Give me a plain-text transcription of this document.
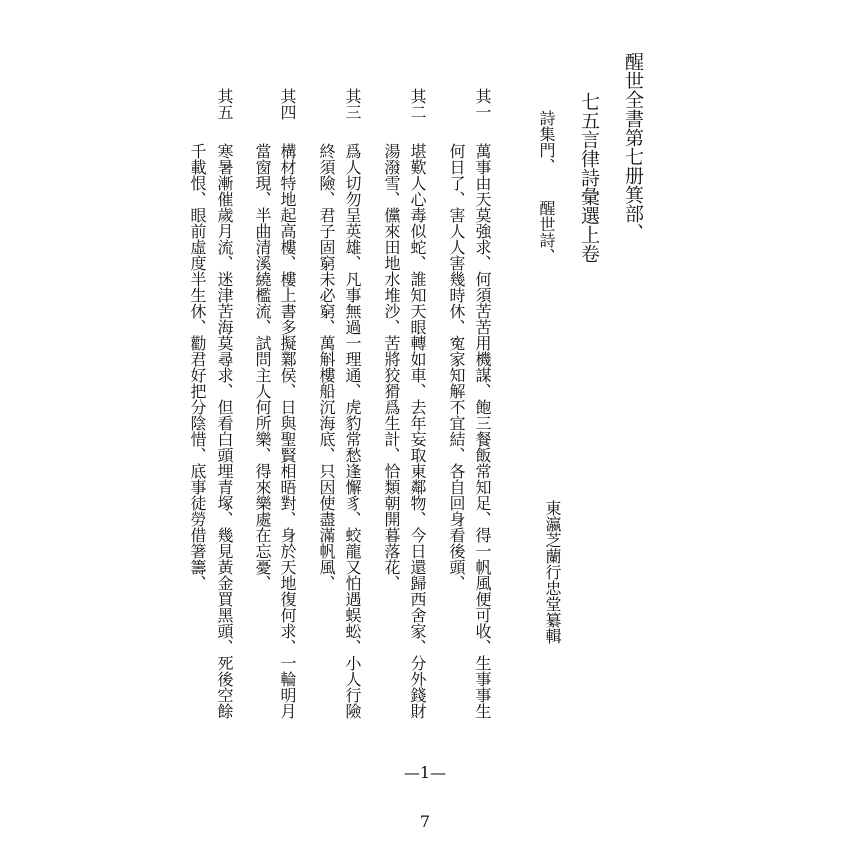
醒世全書第七册箕部、
七五言律詩彙選上卷
詩集門、
醒世詩、
東瀛芝蘭行忠堂纂輯
其一
萬事由天莫強求、何須苦苦用機謀、飽三餐飯常知足、得一帆風便可收、生事事生
何日了、害人人害幾時休、寃家知解不宜結、各自回身看後頭、
其二
堪歎人心毒似蛇、誰知天眼轉如車、去年妄取東鄰物、今日還歸西舍家、分外錢財
湯潑雪、儻來田地水堆沙、苦將狡猾爲生計、恰類朝開暮落花、
其三
爲人切勿呈英雄、凡事無過一理通、虎豹常愁逢懈豸、蛟龍又怕遇蜈蚣、小人行險
終須險、君子固窮未必窮、萬斛樓船沉海底、只因使盡滿帆風、
其四
構材特地起高樓、樓上書多擬鄴侯、日與聖賢相晤對、身於天地復何求、一輪明月
當窗現、半曲清溪繞檻流、試問主人何所樂、得來樂處在忘憂、
其五
寒暑漸催歲月流、迷津苦海莫尋求、但看白頭埋青塚、幾見黃金買黑頭、死後空餘
千載恨、眼前虛度半生休、勸君好把分陰惜、底事徒勞借箸籌、
—1—
7
